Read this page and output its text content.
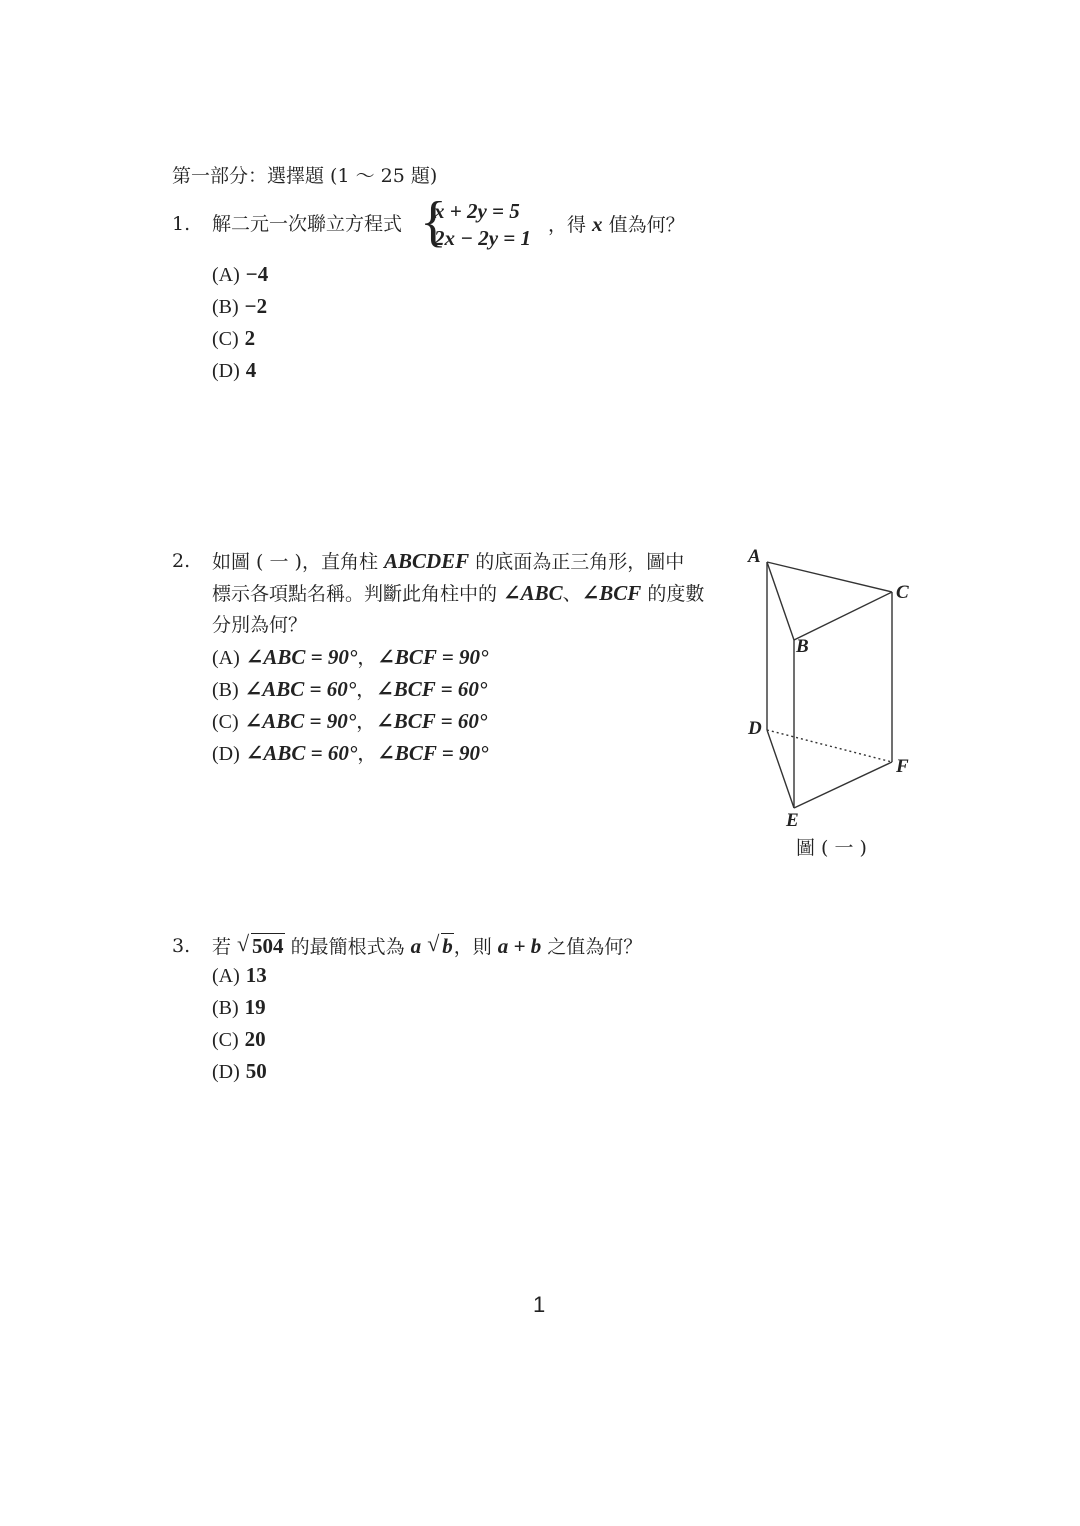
第一部分：選擇題 (1 ～ 25 題)
1. 解二元一次聯立方程式 {
x + 2y = 5
2x − 2y = 1
，得 x 值為何？
(A) −4
(B) −2
(C) 2
(D) 4
2. 如圖 ( 一 )，直角柱 ABCDEF 的底面為正三角形，圖中
標示各項點名稱。判斷此角柱中的 ∠ABC、∠BCF 的度數
分別為何？
(A) ∠ABC = 90°，∠BCF = 90°
(B) ∠ABC = 60°，∠BCF = 60°
(C) ∠ABC = 90°，∠BCF = 60°
(D) ∠ABC = 60°，∠BCF = 90°
A
B
C
D
E
F
圖 ( 一 )
3. 若 √ 504 的最簡根式為 a √ b，則 a + b 之值為何？
(A) 13
(B) 19
(C) 20
(D) 50
1
